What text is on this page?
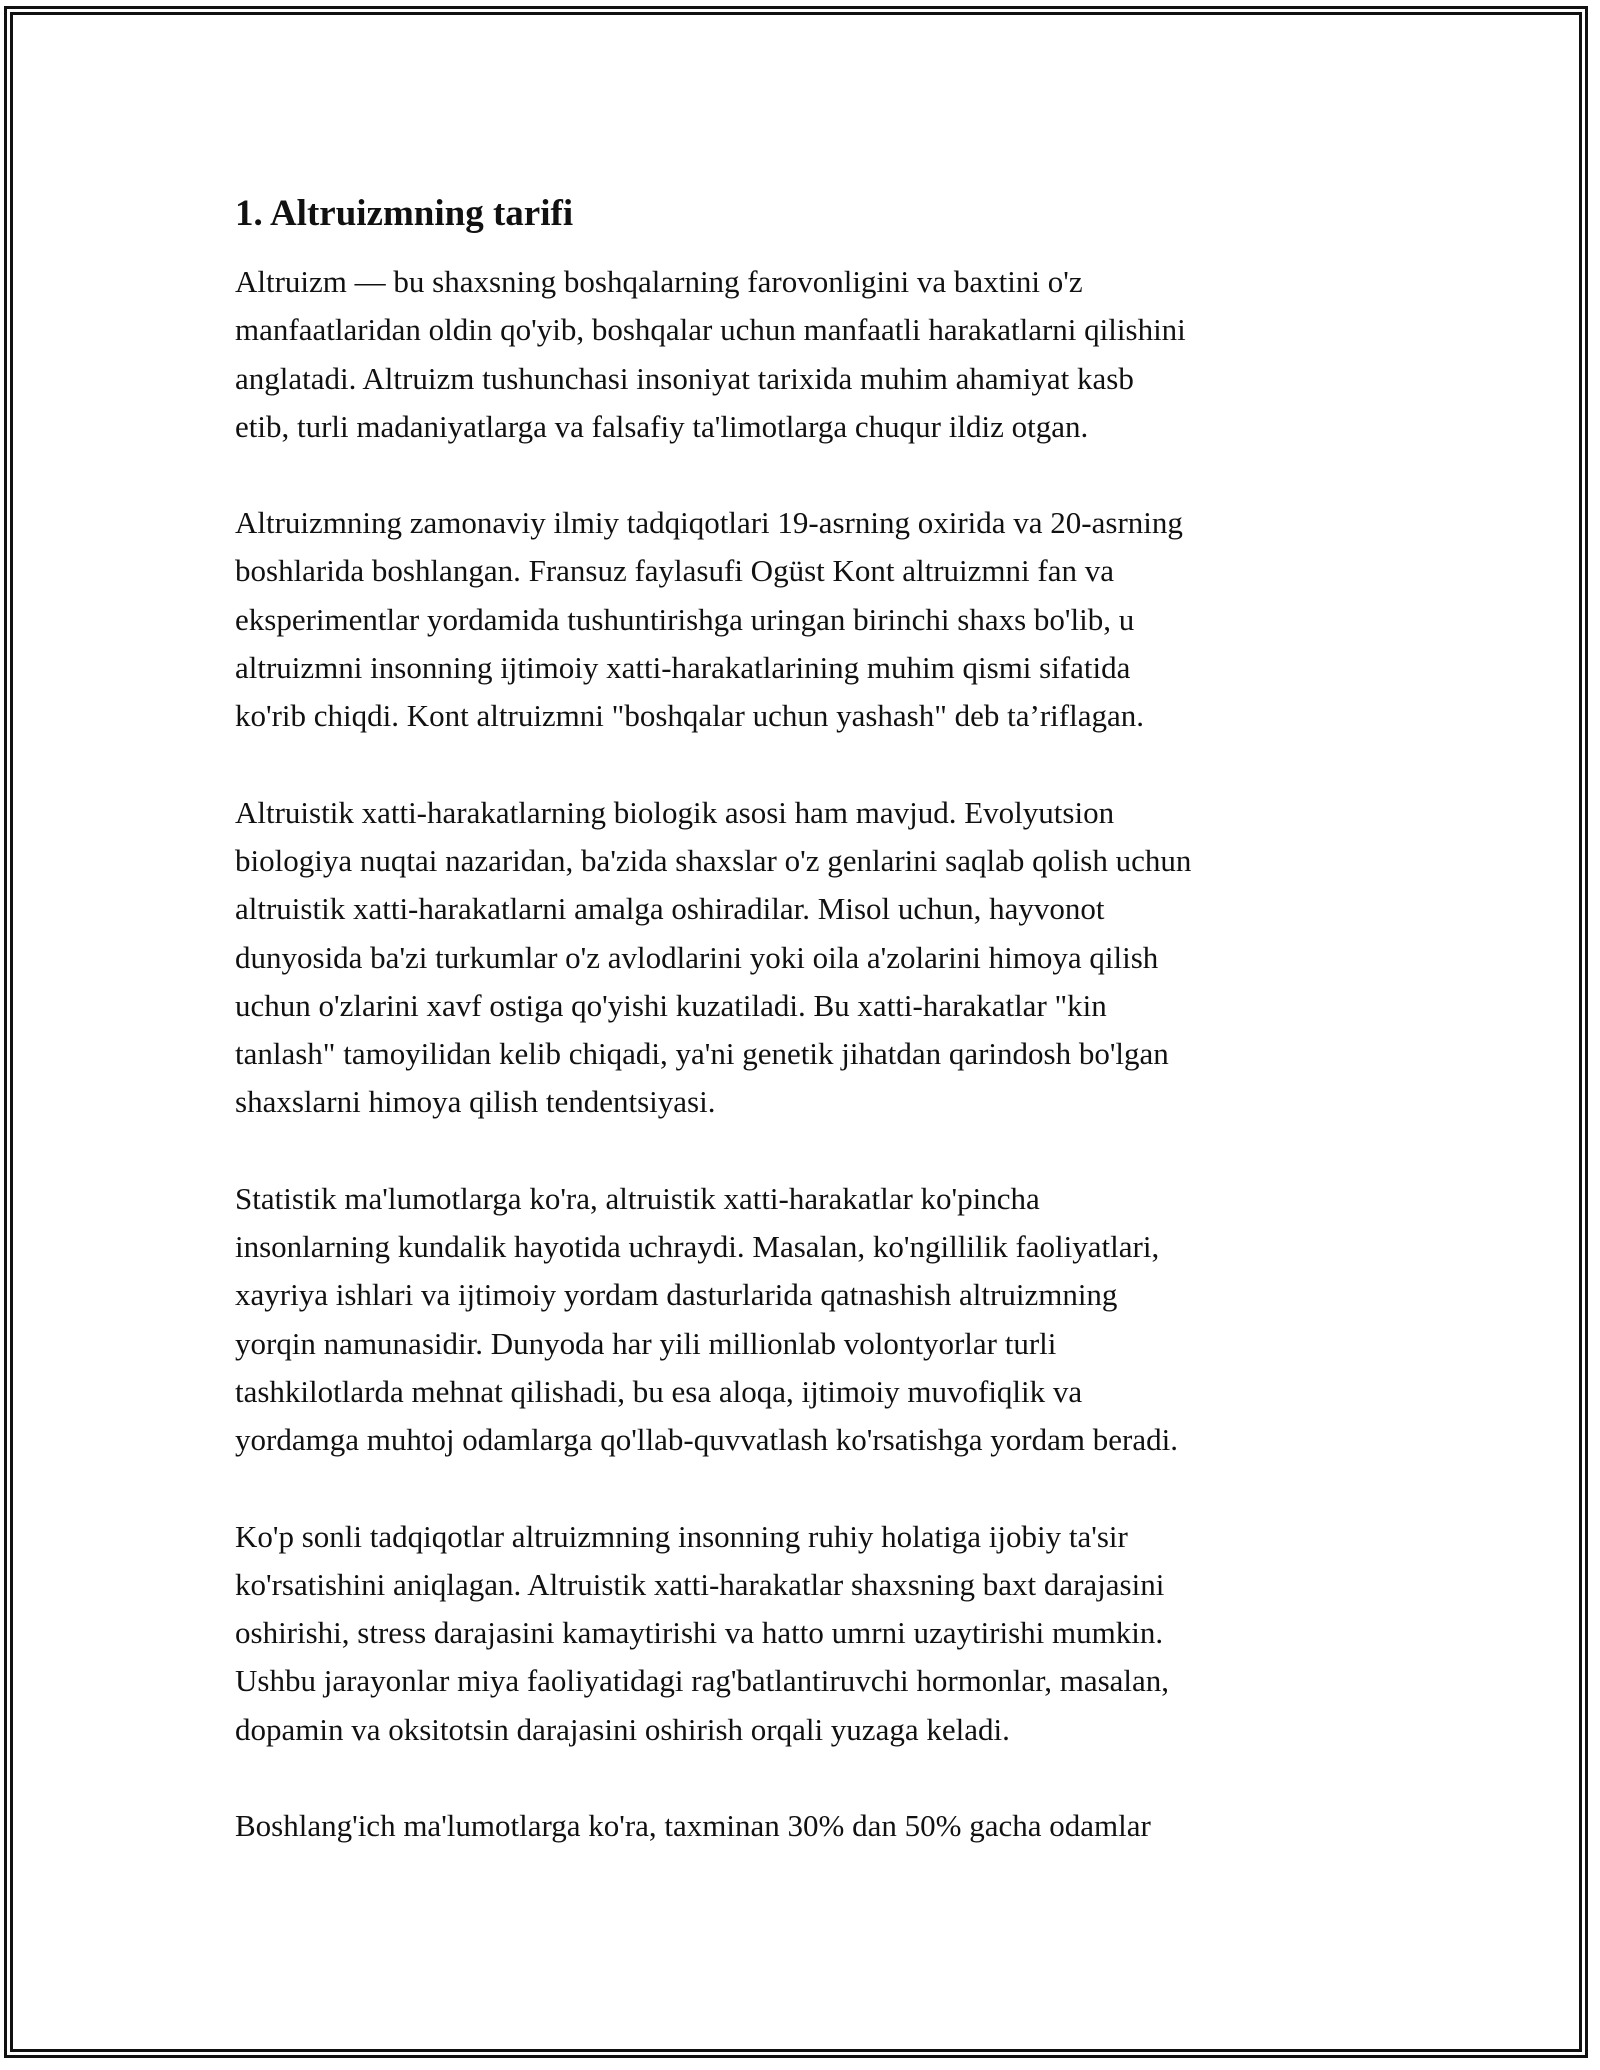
1. Altruizmning tarifi

Altruizm — bu shaxsning boshqalarning farovonligini va baxtini o'z
manfaatlaridan oldin qo'yib, boshqalar uchun manfaatli harakatlarni qilishini
anglatadi. Altruizm tushunchasi insoniyat tarixida muhim ahamiyat kasb
etib, turli madaniyatlarga va falsafiy ta'limotlarga chuqur ildiz otgan.

Altruizmning zamonaviy ilmiy tadqiqotlari 19-asrning oxirida va 20-asrning
boshlarida boshlangan. Fransuz faylasufi Ogüst Kont altruizmni fan va
eksperimentlar yordamida tushuntirishga uringan birinchi shaxs bo'lib, u
altruizmni insonning ijtimoiy xatti-harakatlarining muhim qismi sifatida
ko'rib chiqdi. Kont altruizmni "boshqalar uchun yashash" deb ta’riflagan.

Altruistik xatti-harakatlarning biologik asosi ham mavjud. Evolyutsion
biologiya nuqtai nazaridan, ba'zida shaxslar o'z genlarini saqlab qolish uchun
altruistik xatti-harakatlarni amalga oshiradilar. Misol uchun, hayvonot
dunyosida ba'zi turkumlar o'z avlodlarini yoki oila a'zolarini himoya qilish
uchun o'zlarini xavf ostiga qo'yishi kuzatiladi. Bu xatti-harakatlar "kin
tanlash" tamoyilidan kelib chiqadi, ya'ni genetik jihatdan qarindosh bo'lgan
shaxslarni himoya qilish tendentsiyasi.

Statistik ma'lumotlarga ko'ra, altruistik xatti-harakatlar ko'pincha
insonlarning kundalik hayotida uchraydi. Masalan, ko'ngillilik faoliyatlari,
xayriya ishlari va ijtimoiy yordam dasturlarida qatnashish altruizmning
yorqin namunasidir. Dunyoda har yili millionlab volontyorlar turli
tashkilotlarda mehnat qilishadi, bu esa aloqa, ijtimoiy muvofiqlik va
yordamga muhtoj odamlarga qo'llab-quvvatlash ko'rsatishga yordam beradi.

Ko'p sonli tadqiqotlar altruizmning insonning ruhiy holatiga ijobiy ta'sir
ko'rsatishini aniqlagan. Altruistik xatti-harakatlar shaxsning baxt darajasini
oshirishi, stress darajasini kamaytirishi va hatto umrni uzaytirishi mumkin.
Ushbu jarayonlar miya faoliyatidagi rag'batlantiruvchi hormonlar, masalan,
dopamin va oksitotsin darajasini oshirish orqali yuzaga keladi.

Boshlang'ich ma'lumotlarga ko'ra, taxminan 30% dan 50% gacha odamlar
